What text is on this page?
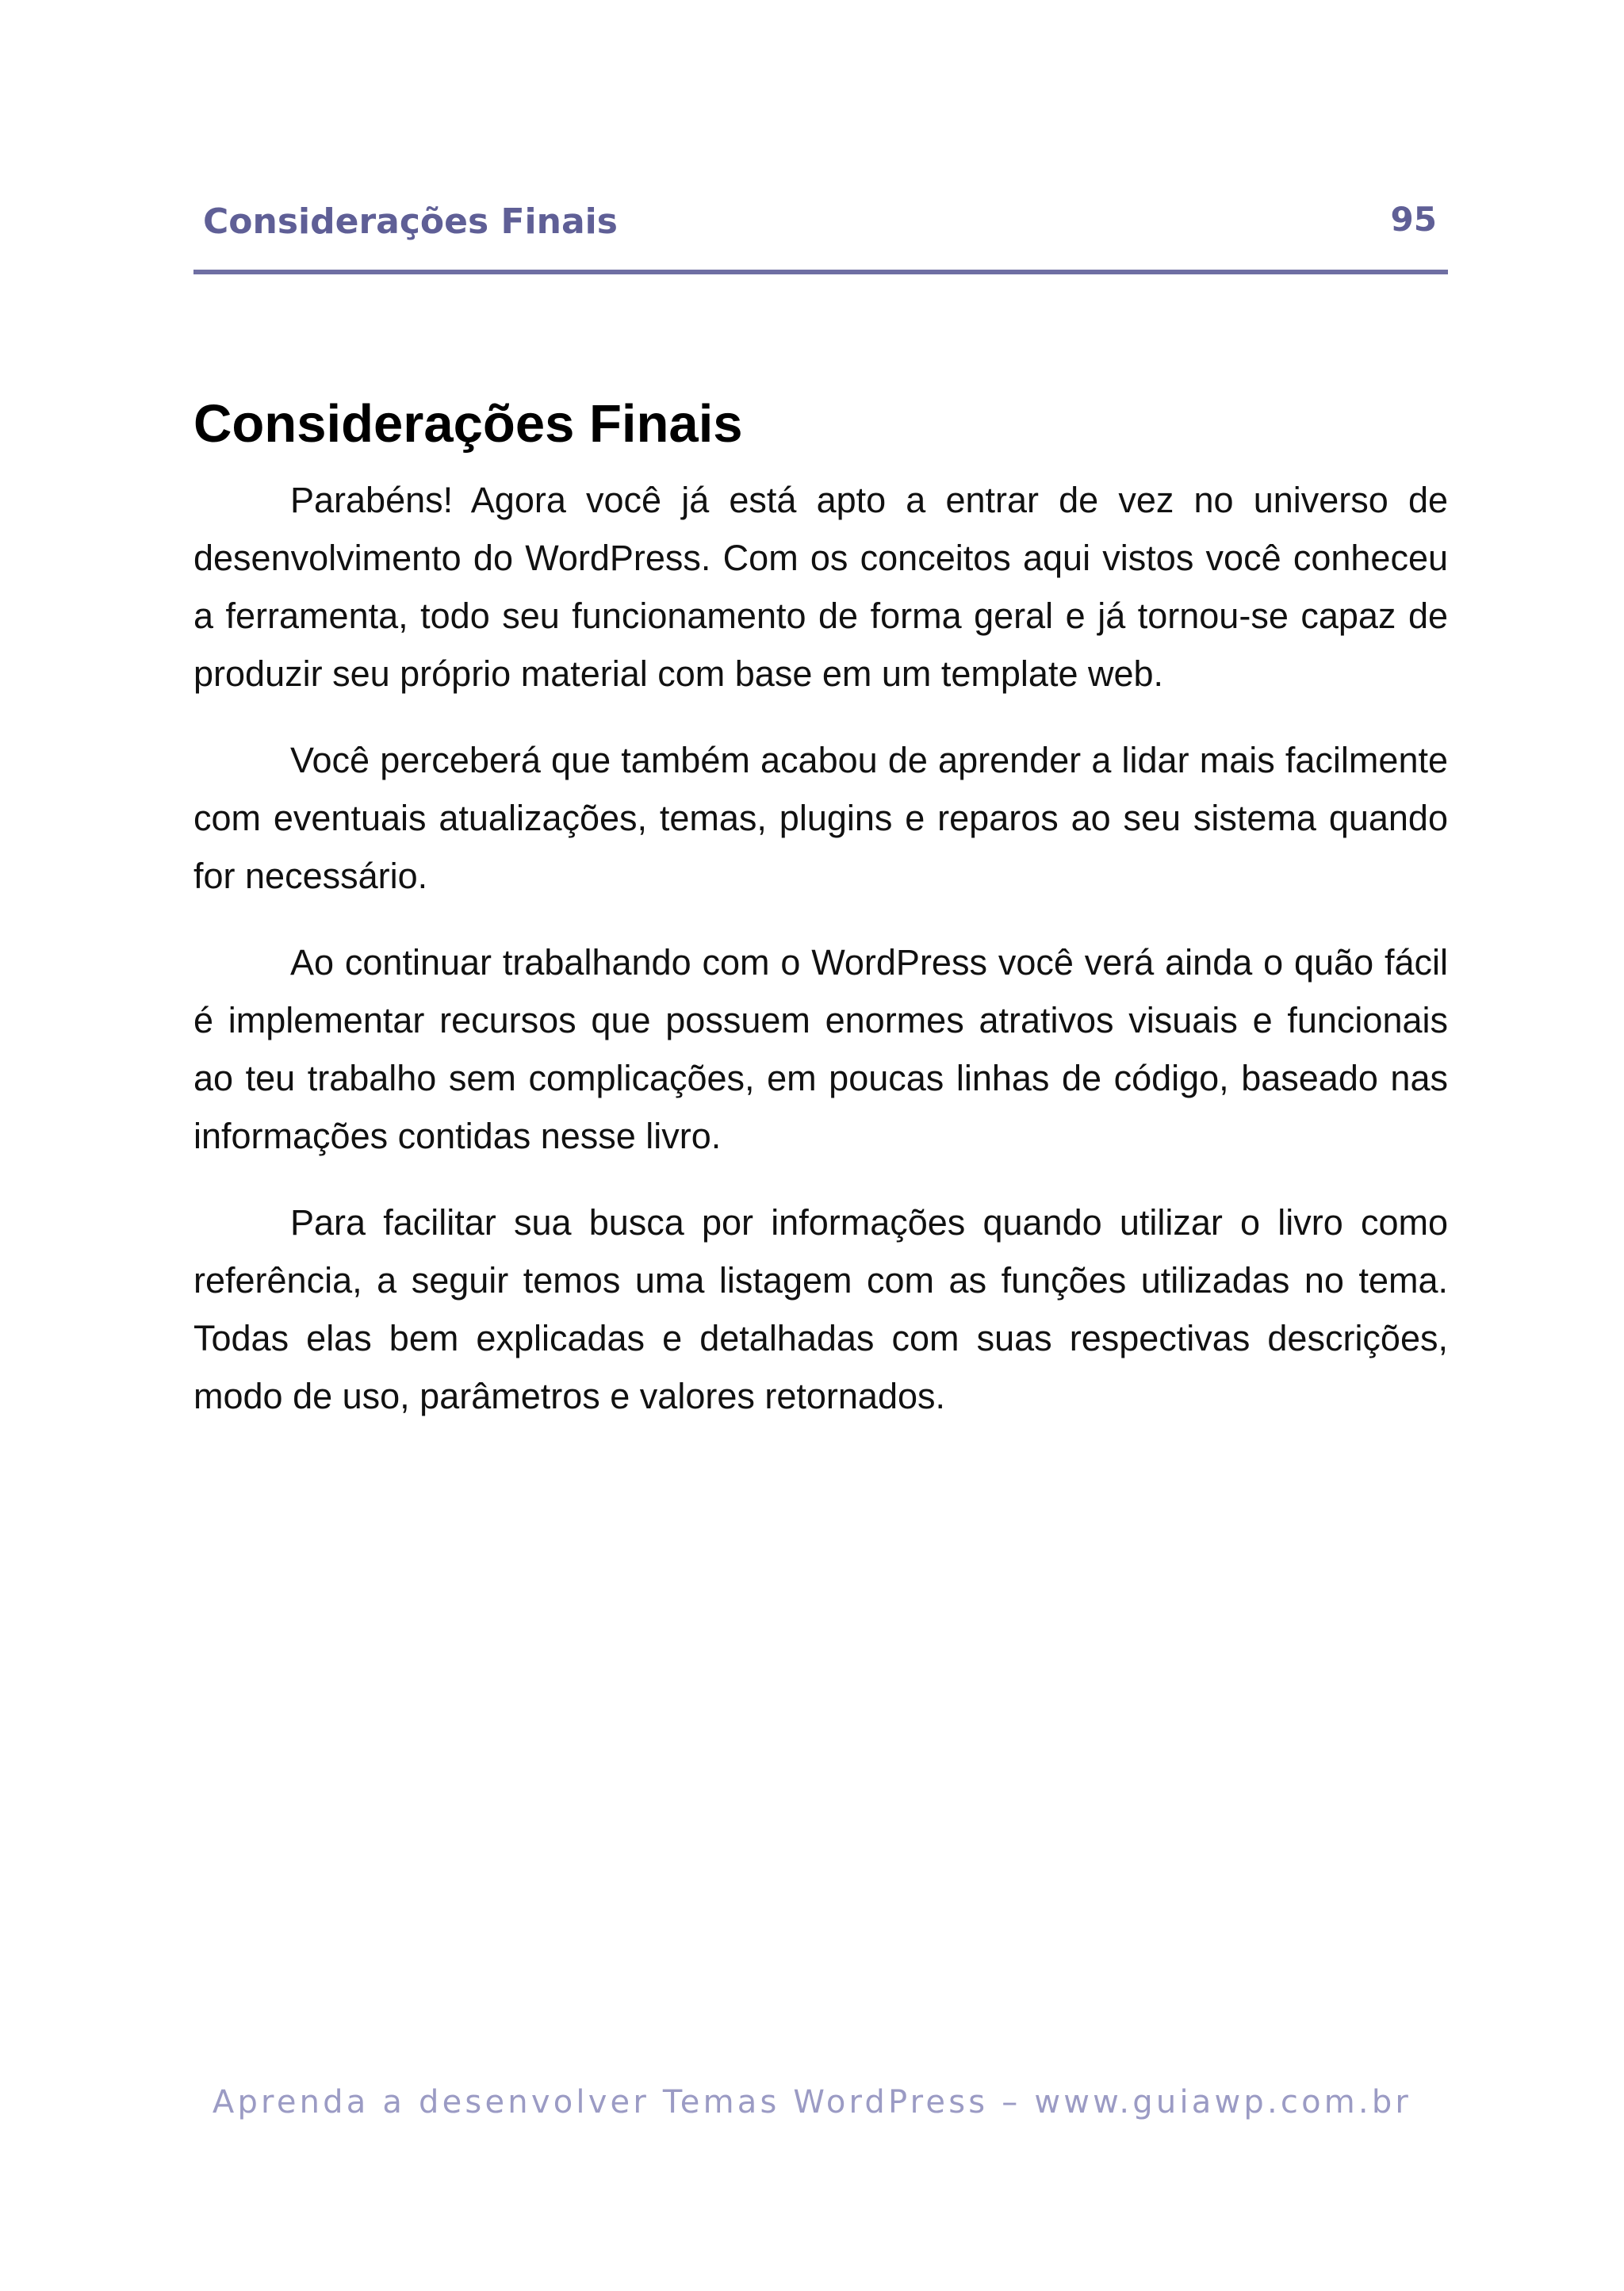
Considerações Finais	95
Considerações Finais

Parabéns! Agora você já está apto a entrar de vez no universo de desenvolvimento do WordPress. Com os conceitos aqui vistos você conheceu a ferramenta, todo seu funcionamento de forma geral e já tornou-se capaz de produzir seu próprio material com base em um template web.

Você perceberá que também acabou de aprender a lidar mais facilmente com eventuais atualizações, temas, plugins e reparos ao seu sistema quando for necessário.

Ao continuar trabalhando com o WordPress você verá ainda o quão fácil é implementar recursos que possuem enormes atrativos visuais e funcionais ao teu trabalho sem complicações, em poucas linhas de código, baseado nas informações contidas nesse livro.

Para facilitar sua busca por informações quando utilizar o livro como referência, a seguir temos uma listagem com as funções utilizadas no tema. Todas elas bem explicadas e detalhadas com suas respectivas descrições, modo de uso, parâmetros e valores retornados.

Aprenda a desenvolver Temas WordPress – www.guiawp.com.br
